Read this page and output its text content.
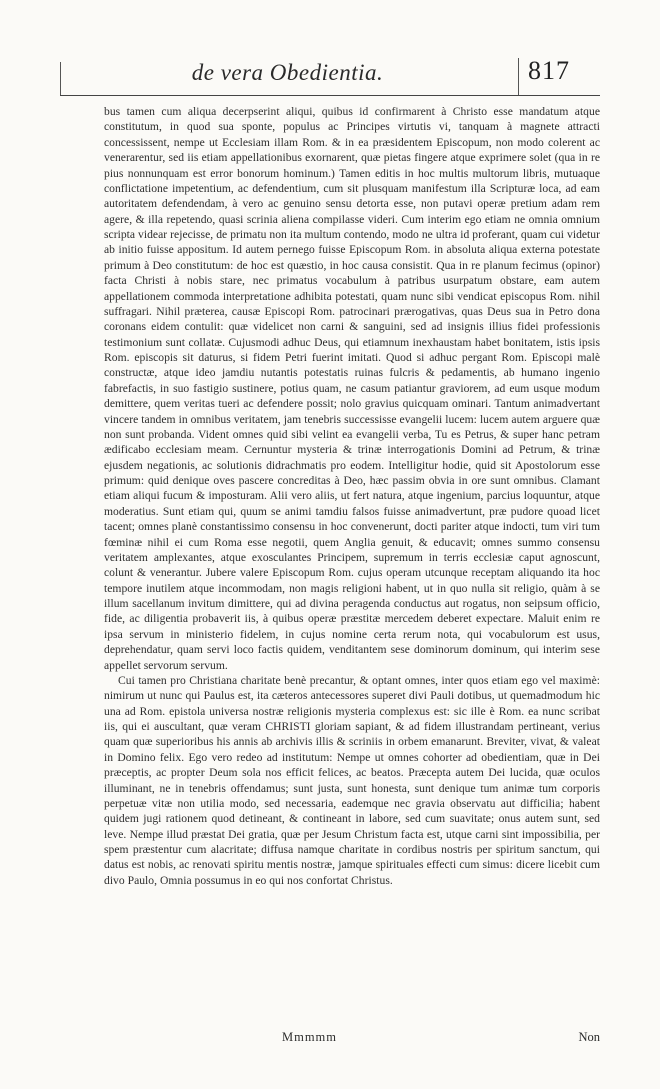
de vera Obedientia.	817

bus tamen cum aliqua decerpserint aliqui, quibus id confirmarent à Christo esse mandatum atque constitutum, in quod sua sponte, populus ac Principes virtutis vi, tanquam à magnete attracti concessissent, nempe ut Ecclesiam illam Rom. & in ea præsidentem Episcopum, non modo colerent ac venerarentur, sed iis etiam appellationibus exornarent, quæ pietas fingere atque exprimere solet (qua in re pius nonnunquam est error bonorum hominum.) Tamen editis in hoc multis multorum libris, mutuaque conflictatione impetentium, ac defendentium, cum sit plusquam manifestum illa Scripturæ loca, ad eam autoritatem defendendam, à vero ac genuino sensu detorta esse, non putavi operæ pretium adam rem agere, & illa repetendo, quasi scrinia aliena compilasse videri. Cum interim ego etiam ne omnia omnium scripta videar rejecisse, de primatu non ita multum contendo, modo ne ultra id proferant, quam cui videtur ab initio fuisse appositum. Id autem pernego fuisse Episcopum Rom. in absoluta aliqua externa potestate primum à Deo constitutum: de hoc est quæstio, in hoc causa consistit. Qua in re planum fecimus (opinor) facta Christi à nobis stare, nec primatus vocabulum à patribus usurpatum obstare, eam autem appellationem commoda interpretatione adhibita potestati, quam nunc sibi vendicat episcopus Rom. nihil suffragari. Nihil præterea, causæ Episcopi Rom. patrocinari prærogativas, quas Deus sua in Petro dona coronans eidem contulit: quæ videlicet non carni & sanguini, sed ad insignis illius fidei professionis testimonium sunt collatæ. Cujusmodi adhuc Deus, qui etiamnum inexhaustam habet bonitatem, istis ipsis Rom. episcopis sit daturus, si fidem Petri fuerint imitati. Quod si adhuc pergant Rom. Episcopi malè constructæ, atque ideo jamdiu nutantis potestatis ruinas fulcris & pedamentis, ab humano ingenio fabrefactis, in suo fastigio sustinere, potius quam, ne casum patiantur graviorem, ad eum usque modum demittere, quem veritas tueri ac defendere possit; nolo gravius quicquam ominari. Tantum animadvertant vincere tandem in omnibus veritatem, jam tenebris successisse evangelii lucem: lucem autem arguere quæ non sunt probanda. Vident omnes quid sibi velint ea evangelii verba, Tu es Petrus, & super hanc petram ædificabo ecclesiam meam. Cernuntur mysteria & trinæ interrogationis Domini ad Petrum, & trinæ ejusdem negationis, ac solutionis didrachmatis pro eodem. Intelligitur hodie, quid sit Apostolorum esse primum: quid denique oves pascere concreditas à Deo, hæc passim obvia in ore sunt omnibus. Clamant etiam aliqui fucum & imposturam. Alii vero aliis, ut fert natura, atque ingenium, parcius loquuntur, atque moderatius. Sunt etiam qui, quum se animi tamdiu falsos fuisse animadvertunt, præ pudore quoad licet tacent; omnes planè constantissimo consensu in hoc convenerunt, docti pariter atque indocti, tum viri tum fœminæ nihil ei cum Roma esse negotii, quem Anglia genuit, & educavit; omnes summo consensu veritatem amplexantes, atque exosculantes Principem, supremum in terris ecclesiæ caput agnoscunt, colunt & venerantur. Jubere valere Episcopum Rom. cujus operam utcunque receptam aliquando ita hoc tempore inutilem atque incommodam, non magis religioni habent, ut in quo nulla sit religio, quàm à se illum sacellanum invitum dimittere, qui ad divina peragenda conductus aut rogatus, non seipsum officio, fide, ac diligentia probaverit iis, à quibus operæ præstitæ mercedem deberet expectare. Maluit enim re ipsa servum in ministerio fidelem, in cujus nomine certa rerum nota, qui vocabulorum est usus, deprehendatur, quam servi loco factis quidem, venditantem sese dominorum dominum, qui interim sese appellet servorum servum.

Cui tamen pro Christiana charitate benè precantur, & optant omnes, inter quos etiam ego vel maximè: nimirum ut nunc qui Paulus est, ita cæteros antecessores superet divi Pauli dotibus, ut quemadmodum hic una ad Rom. epistola universa nostræ religionis mysteria complexus est: sic ille è Rom. ea nunc scribat iis, qui ei auscultant, quæ veram CHRISTI gloriam sapiant, & ad fidem illustrandam pertineant, verius quam quæ superioribus his annis ab archivis illis & scriniis in orbem emanarunt. Breviter, vivat, & valeat in Domino felix. Ego vero redeo ad institutum: Nempe ut omnes cohorter ad obedientiam, quæ in Dei præceptis, ac propter Deum sola nos efficit felices, ac beatos. Præcepta autem Dei lucida, quæ oculos illuminant, ne in tenebris offendamus; sunt justa, sunt honesta, sunt denique tum animæ tum corporis perpetuæ vitæ non utilia modo, sed necessaria, eademque nec gravia observatu aut difficilia; habent quidem jugi rationem quod detineant, & contineant in labore, sed cum suavitate; onus autem sunt, sed leve. Nempe illud præstat Dei gratia, quæ per Jesum Christum facta est, utque carni sint impossibilia, per spem præstentur cum alacritate; diffusa namque charitate in cordibus nostris per spiritum sanctum, qui datus est nobis, ac renovati spiritu mentis nostræ, jamque spirituales effecti cum simus: dicere licebit cum divo Paulo, Omnia possumus in eo qui nos confortat Christus.

Mmmmm	Non
